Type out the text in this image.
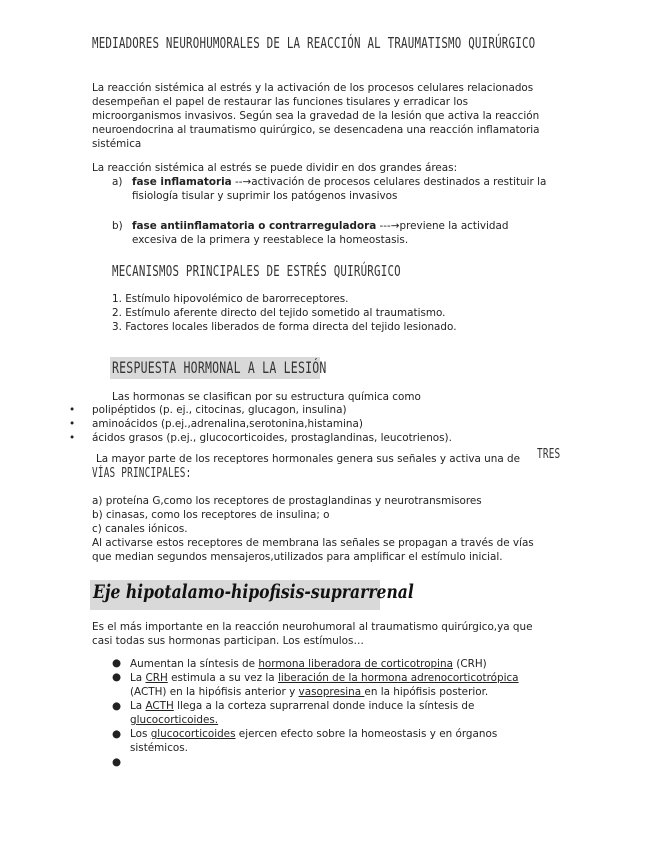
MEDIADORES NEUROHUMORALES DE LA REACCIÓN AL TRAUMATISMO QUIRÚRGICO
La reacción sistémica al estrés y la activación de los procesos celulares relacionados
desempeñan el papel de restaurar las funciones tisulares y erradicar los
microorganismos invasivos. Según sea la gravedad de la lesión que activa la reacción
neuroendocrina al traumatismo quirúrgico, se desencadena una reacción inflamatoria
sistémica
La reacción sistémica al estrés se puede dividir en dos grandes áreas:
a) fase inflamatoria --→activación de procesos celulares destinados a restituir la
fisiología tisular y suprimir los patógenos invasivos
b) fase antiinflamatoria o contrarreguladora ---→previene la actividad
excesiva de la primera y reestablece la homeostasis.
MECANISMOS PRINCIPALES DE ESTRÉS QUIRÚRGICO
1. Estímulo hipovolémico de barorreceptores.
2. Estímulo aferente directo del tejido sometido al traumatismo.
3. Factores locales liberados de forma directa del tejido lesionado.
RESPUESTA HORMONAL A LA LESIÓN
Las hormonas se clasifican por su estructura química como
• polipéptidos (p. ej., citocinas, glucagon, insulina)
• aminoácidos (p.ej.,adrenalina,serotonina,histamina)
• ácidos grasos (p.ej., glucocorticoides, prostaglandinas, leucotrienos).
La mayor parte de los receptores hormonales genera sus señales y activa una de TRES
VÍAS PRINCIPALES:
a) proteína G,como los receptores de prostaglandinas y neurotransmisores
b) cinasas, como los receptores de insulina; o
c) canales iónicos.
Al activarse estos receptores de membrana las señales se propagan a través de vías
que median segundos mensajeros,utilizados para amplificar el estímulo inicial.
Eje hipotalamo-hipofisis-suprarrenal
Es el más importante en la reacción neurohumoral al traumatismo quirúrgico,ya que
casi todas sus hormonas participan. Los estímulos…
● Aumentan la síntesis de hormona liberadora de corticotropina (CRH)
● La CRH estimula a su vez la liberación de la hormona adrenocorticotrópica
(ACTH) en la hipófisis anterior y vasopresina en la hipófisis posterior.
● La ACTH llega a la corteza suprarrenal donde induce la síntesis de
glucocorticoides.
● Los glucocorticoides ejercen efecto sobre la homeostasis y en órganos
sistémicos.
●
